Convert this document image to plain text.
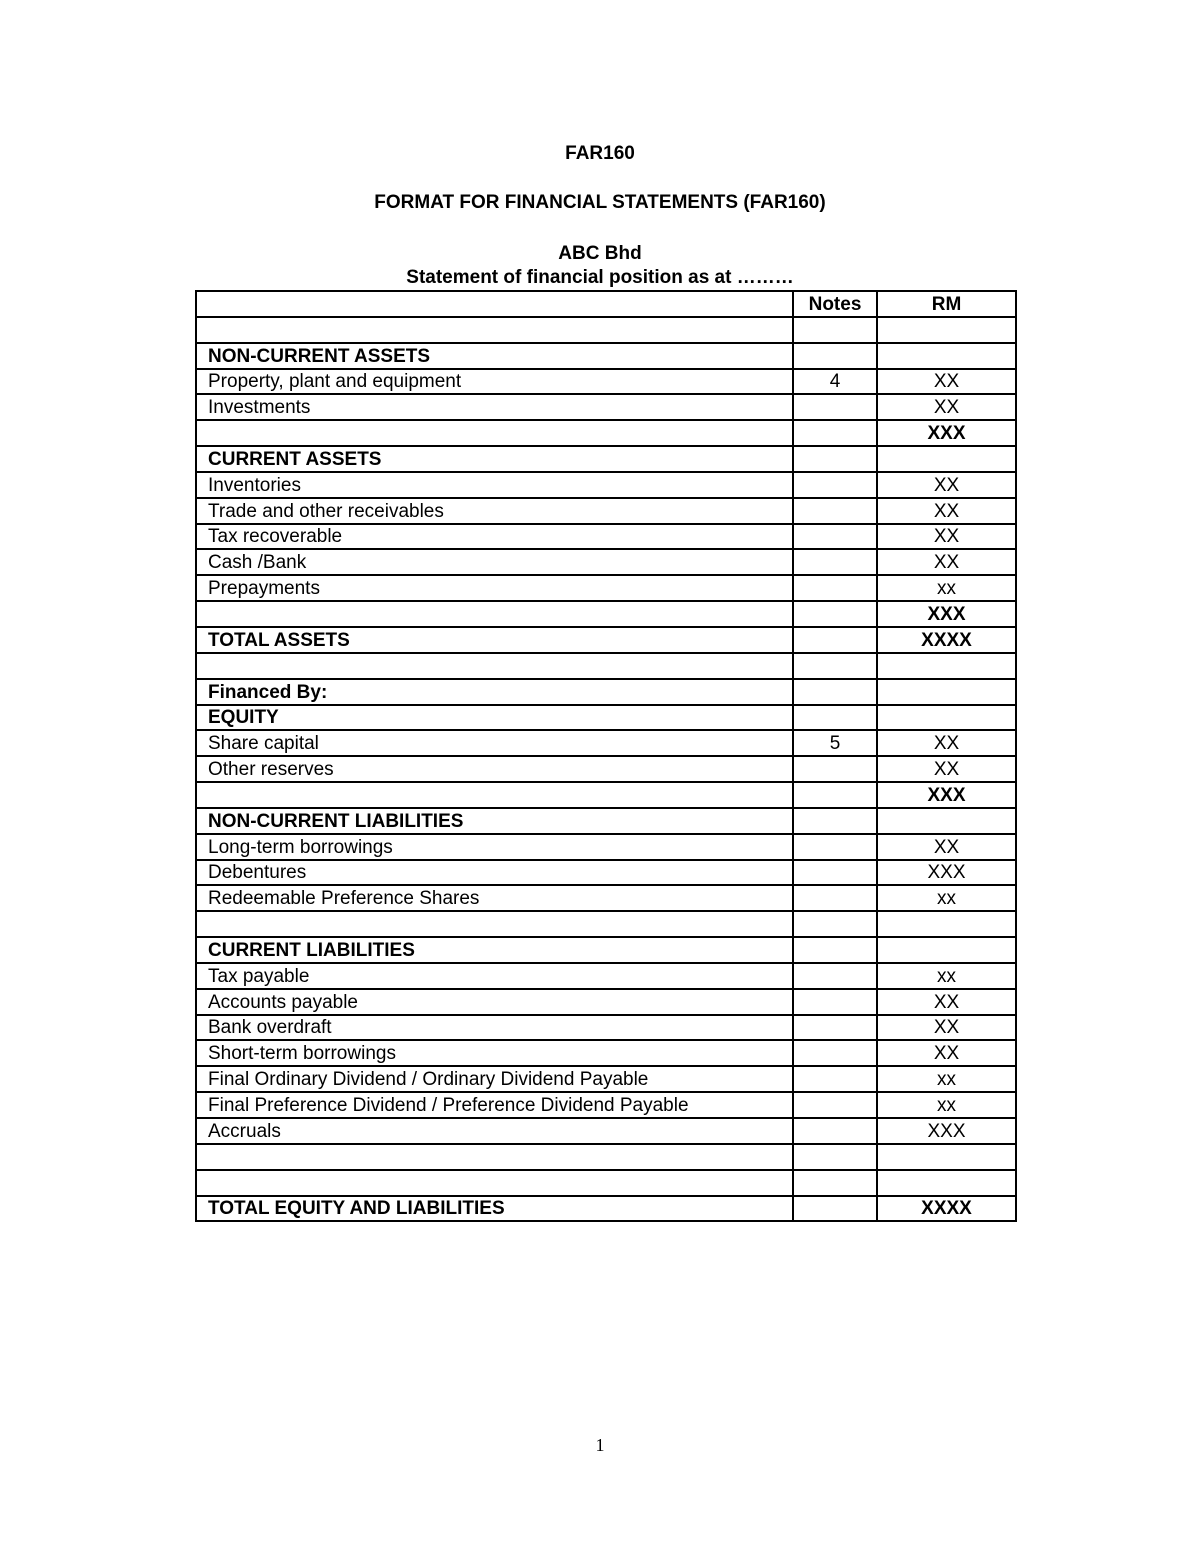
FAR160
FORMAT FOR FINANCIAL STATEMENTS (FAR160)
ABC Bhd
Statement of financial position as at ………
	Notes	RM

NON-CURRENT ASSETS		
Property, plant and equipment	4	XX
Investments		XX
		XXX
CURRENT ASSETS		
Inventories		XX
Trade and other receivables		XX
Tax recoverable		XX
Cash /Bank		XX
Prepayments		xx
		XXX
TOTAL ASSETS		XXXX

Financed By:		
EQUITY		
Share capital	5	XX
Other reserves		XX
		XXX
NON-CURRENT LIABILITIES		
Long-term borrowings		XX
Debentures		XXX
Redeemable Preference Shares		xx

CURRENT LIABILITIES		
Tax payable		xx
Accounts payable		XX
Bank overdraft		XX
Short-term borrowings		XX
Final Ordinary Dividend / Ordinary Dividend Payable		xx
Final Preference Dividend / Preference Dividend Payable		xx
Accruals		XXX

TOTAL EQUITY AND LIABILITIES		XXXX
1
